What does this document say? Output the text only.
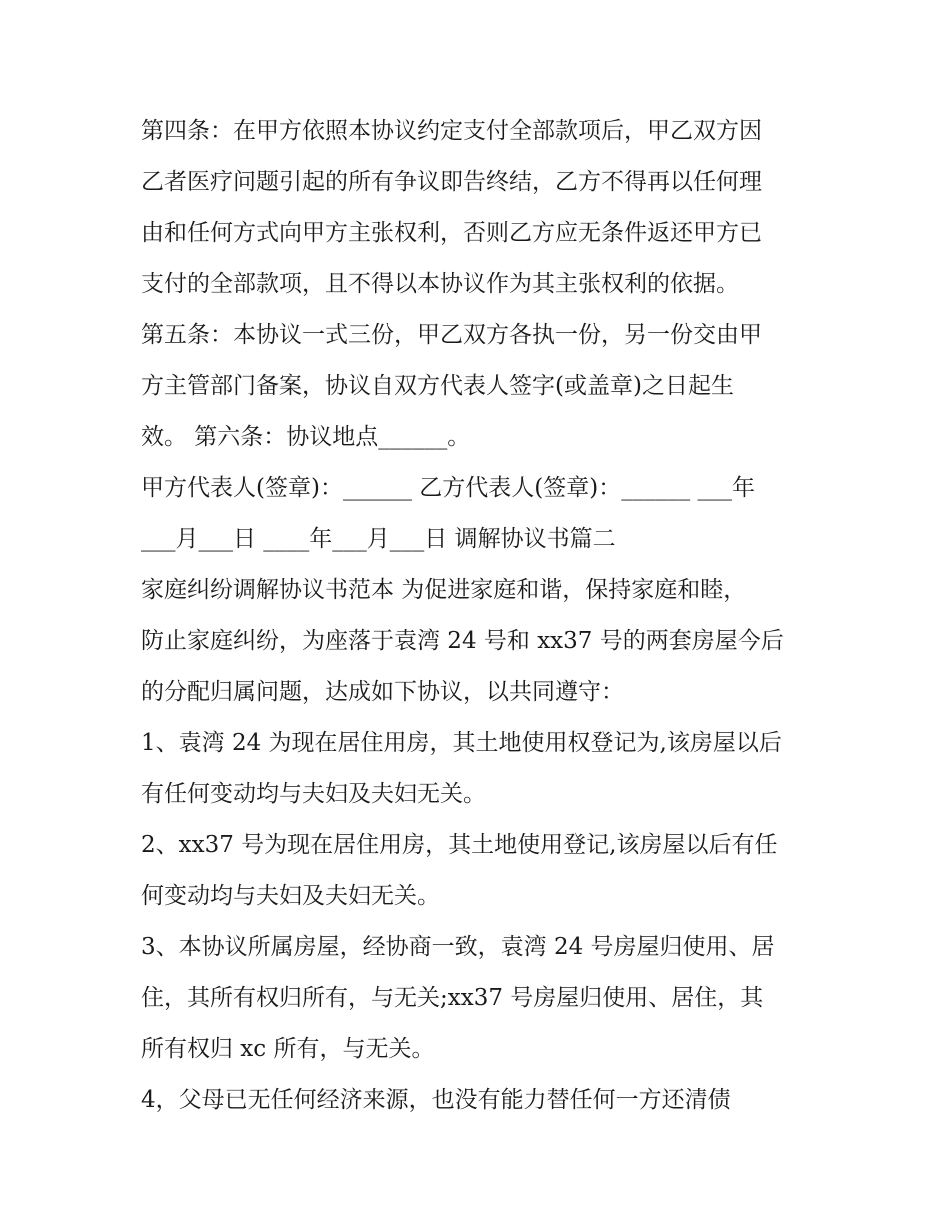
第四条：在甲方依照本协议约定支付全部款项后，甲乙双方因
乙者医疗问题引起的所有争议即告终结，乙方不得再以任何理
由和任何方式向甲方主张权利，否则乙方应无条件返还甲方已
支付的全部款项，且不得以本协议作为其主张权利的依据。
第五条：本协议一式三份，甲乙双方各执一份，另一份交由甲
方主管部门备案，协议自双方代表人签字(或盖章)之日起生
效。 第六条：协议地点______。
甲方代表人(签章)：______ 乙方代表人(签章)：______ ___年
___月___日 ____年___月___日 调解协议书篇二
家庭纠纷调解协议书范本 为促进家庭和谐，保持家庭和睦，
防止家庭纠纷，为座落于袁湾 24 号和 xx37 号的两套房屋今后
的分配归属问题，达成如下协议，以共同遵守：
1、袁湾 24 为现在居住用房，其土地使用权登记为,该房屋以后
有任何变动均与夫妇及夫妇无关。
2、xx37 号为现在居住用房，其土地使用登记,该房屋以后有任
何变动均与夫妇及夫妇无关。
3、本协议所属房屋，经协商一致，袁湾 24 号房屋归使用、居
住，其所有权归所有，与无关;xx37 号房屋归使用、居住，其
所有权归 xc 所有，与无关。
4，父母已无任何经济来源，也没有能力替任何一方还清债
